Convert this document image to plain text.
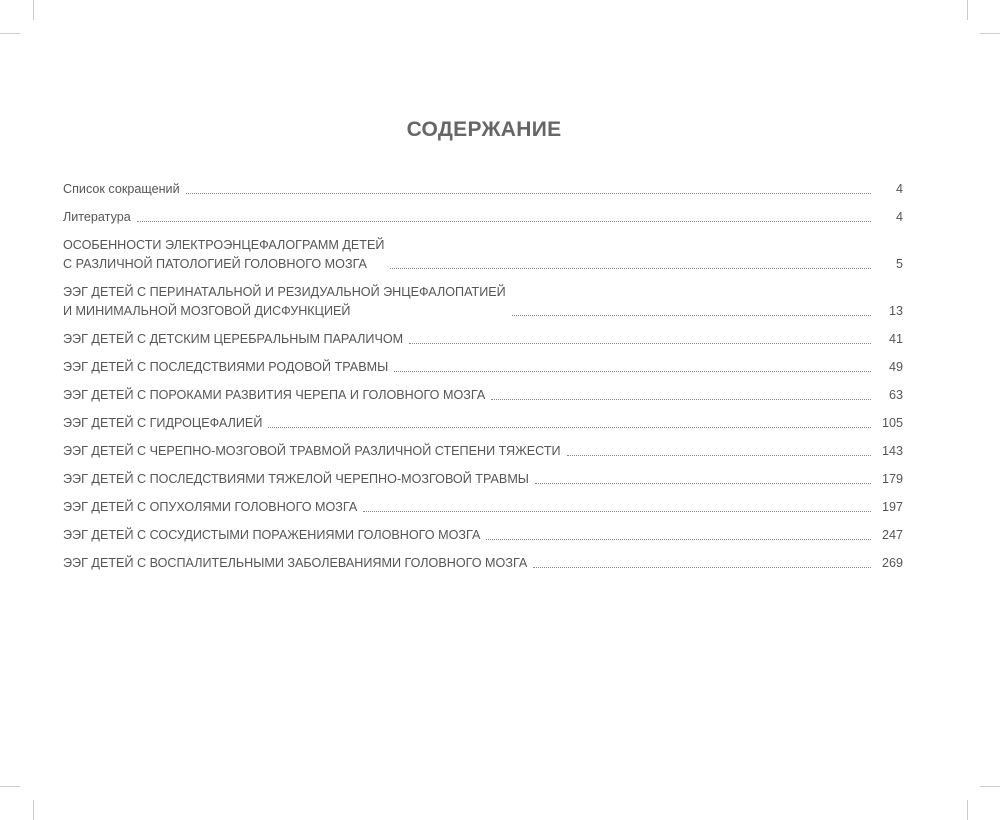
СОДЕРЖАНИЕ
Список сокращений	4
Литература	4
ОСОБЕННОСТИ ЭЛЕКТРОЭНЦЕФАЛОГРАММ ДЕТЕЙ
С РАЗЛИЧНОЙ ПАТОЛОГИЕЙ ГОЛОВНОГО МОЗГА	5
ЭЭГ ДЕТЕЙ С ПЕРИНАТАЛЬНОЙ И РЕЗИДУАЛЬНОЙ ЭНЦЕФАЛОПАТИЕЙ
И МИНИМАЛЬНОЙ МОЗГОВОЙ ДИСФУНКЦИЕЙ	13
ЭЭГ ДЕТЕЙ С ДЕТСКИМ ЦЕРЕБРАЛЬНЫМ ПАРАЛИЧОМ	41
ЭЭГ ДЕТЕЙ С ПОСЛЕДСТВИЯМИ РОДОВОЙ ТРАВМЫ	49
ЭЭГ ДЕТЕЙ С ПОРОКАМИ РАЗВИТИЯ ЧЕРЕПА И ГОЛОВНОГО МОЗГА	63
ЭЭГ ДЕТЕЙ С ГИДРОЦЕФАЛИЕЙ	105
ЭЭГ ДЕТЕЙ С ЧЕРЕПНО-МОЗГОВОЙ ТРАВМОЙ РАЗЛИЧНОЙ СТЕПЕНИ ТЯЖЕСТИ	143
ЭЭГ ДЕТЕЙ С ПОСЛЕДСТВИЯМИ ТЯЖЕЛОЙ ЧЕРЕПНО-МОЗГОВОЙ ТРАВМЫ	179
ЭЭГ ДЕТЕЙ С ОПУХОЛЯМИ ГОЛОВНОГО МОЗГА	197
ЭЭГ ДЕТЕЙ С СОСУДИСТЫМИ ПОРАЖЕНИЯМИ ГОЛОВНОГО МОЗГА	247
ЭЭГ ДЕТЕЙ С ВОСПАЛИТЕЛЬНЫМИ ЗАБОЛЕВАНИЯМИ ГОЛОВНОГО МОЗГА	269
